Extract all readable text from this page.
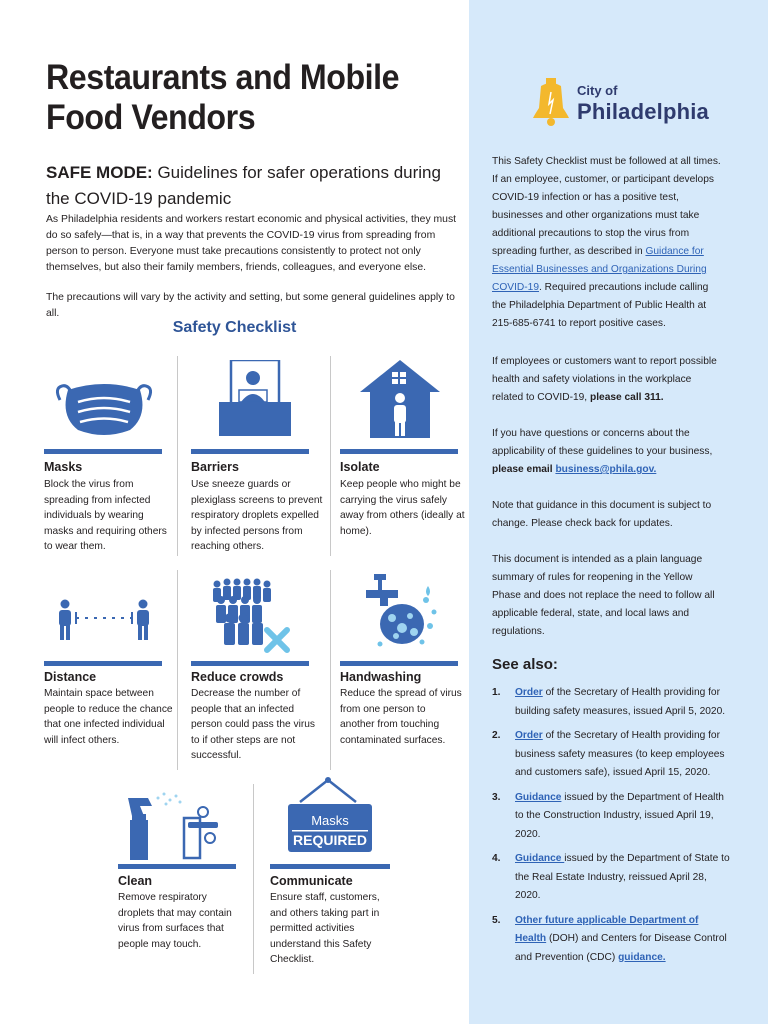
Restaurants and Mobile Food Vendors
SAFE MODE: Guidelines for safer operations during the COVID-19 pandemic

As Philadelphia residents and workers restart economic and physical activities, they must do so safely—that is, in a way that prevents the COVID-19 virus from spreading from person to person. Everyone must take precautions consistently to protect not only themselves, but also their family members, friends, colleagues, and everyone else.

The precautions will vary by the activity and setting, but some general guidelines apply to all.

Safety Checklist
Masks
Block the virus from spreading from infected individuals by wearing masks and requiring others to wear them.
Barriers
Use sneeze guards or plexiglass screens to prevent respiratory droplets expelled by infected persons from reaching others.
Isolate
Keep people who might be carrying the virus safely away from others (ideally at home).
Distance
Maintain space between people to reduce the chance that one infected individual will infect others.
Reduce crowds
Decrease the number of people that an infected person could pass the virus to if other steps are not successful.
Handwashing
Reduce the spread of virus from one person to another from touching contaminated surfaces.
Clean
Remove respiratory droplets that may contain virus from surfaces that people may touch.
Masks
REQUIRED
Communicate
Ensure staff, customers, and others taking part in permitted activities understand this Safety Checklist.
City of
Philadelphia
This Safety Checklist must be followed at all times. If an employee, customer, or participant develops COVID-19 infection or has a positive test, businesses and other organizations must take additional precautions to stop the virus from spreading further, as described in Guidance for Essential Businesses and Organizations During COVID-19. Required precautions include calling the Philadelphia Department of Public Health at 215-685-6741 to report positive cases.
If employees or customers want to report possible health and safety violations in the workplace related to COVID-19, please call 311.
If you have questions or concerns about the applicability of these guidelines to your business, please email business@phila.gov.
Note that guidance in this document is subject to change. Please check back for updates.
This document is intended as a plain language summary of rules for reopening in the Yellow Phase and does not replace the need to follow all applicable federal, state, and local laws and regulations.
See also:
1. Order of the Secretary of Health providing for building safety measures, issued April 5, 2020.
2. Order of the Secretary of Health providing for business safety measures (to keep employees and customers safe), issued April 15, 2020.
3. Guidance issued by the Department of Health to the Construction Industry, issued April 19, 2020.
4. Guidance issued by the Department of State to the Real Estate Industry, reissued April 28, 2020.
5. Other future applicable Department of Health (DOH) and Centers for Disease Control and Prevention (CDC) guidance.
